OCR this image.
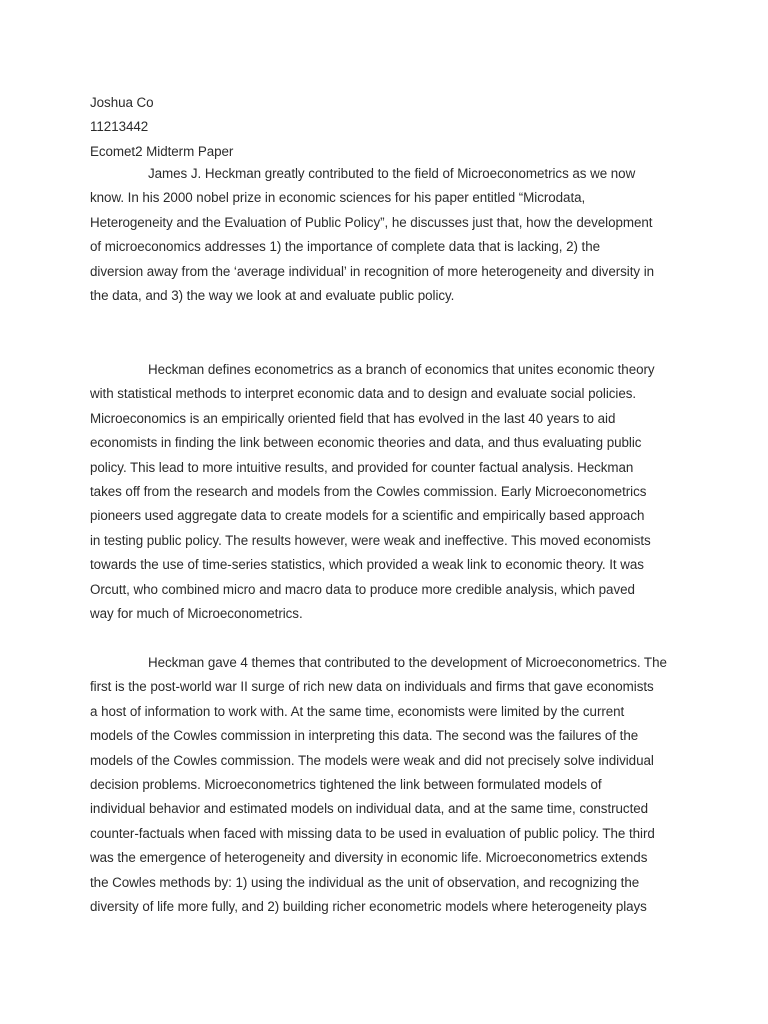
Joshua Co
11213442
Ecomet2 Midterm Paper
James J. Heckman greatly contributed to the field of Microeconometrics as we now
know. In his 2000 nobel prize in economic sciences for his paper entitled “Microdata,
Heterogeneity and the Evaluation of Public Policy”, he discusses just that, how the development
of microeconomics addresses 1) the importance of complete data that is lacking, 2) the
diversion away from the ‘average individual’ in recognition of more heterogeneity and diversity in
the data, and 3) the way we look at and evaluate public policy.
Heckman defines econometrics as a branch of economics that unites economic theory
with statistical methods to interpret economic data and to design and evaluate social policies.
Microeconomics is an empirically oriented field that has evolved in the last 40 years to aid
economists in finding the link between economic theories and data, and thus evaluating public
policy. This lead to more intuitive results, and provided for counter factual analysis. Heckman
takes off from the research and models from the Cowles commission. Early Microeconometrics
pioneers used aggregate data to create models for a scientific and empirically based approach
in testing public policy. The results however, were weak and ineffective. This moved economists
towards the use of time-series statistics, which provided a weak link to economic theory. It was
Orcutt, who combined micro and macro data to produce more credible analysis, which paved
way for much of Microeconometrics.
Heckman gave 4 themes that contributed to the development of Microeconometrics. The
first is the post-world war II surge of rich new data on individuals and firms that gave economists
a host of information to work with. At the same time, economists were limited by the current
models of the Cowles commission in interpreting this data. The second was the failures of the
models of the Cowles commission. The models were weak and did not precisely solve individual
decision problems. Microeconometrics tightened the link between formulated models of
individual behavior and estimated models on individual data, and at the same time, constructed
counter-factuals when faced with missing data to be used in evaluation of public policy. The third
was the emergence of heterogeneity and diversity in economic life. Microeconometrics extends
the Cowles methods by: 1) using the individual as the unit of observation, and recognizing the
diversity of life more fully, and 2) building richer econometric models where heterogeneity plays
